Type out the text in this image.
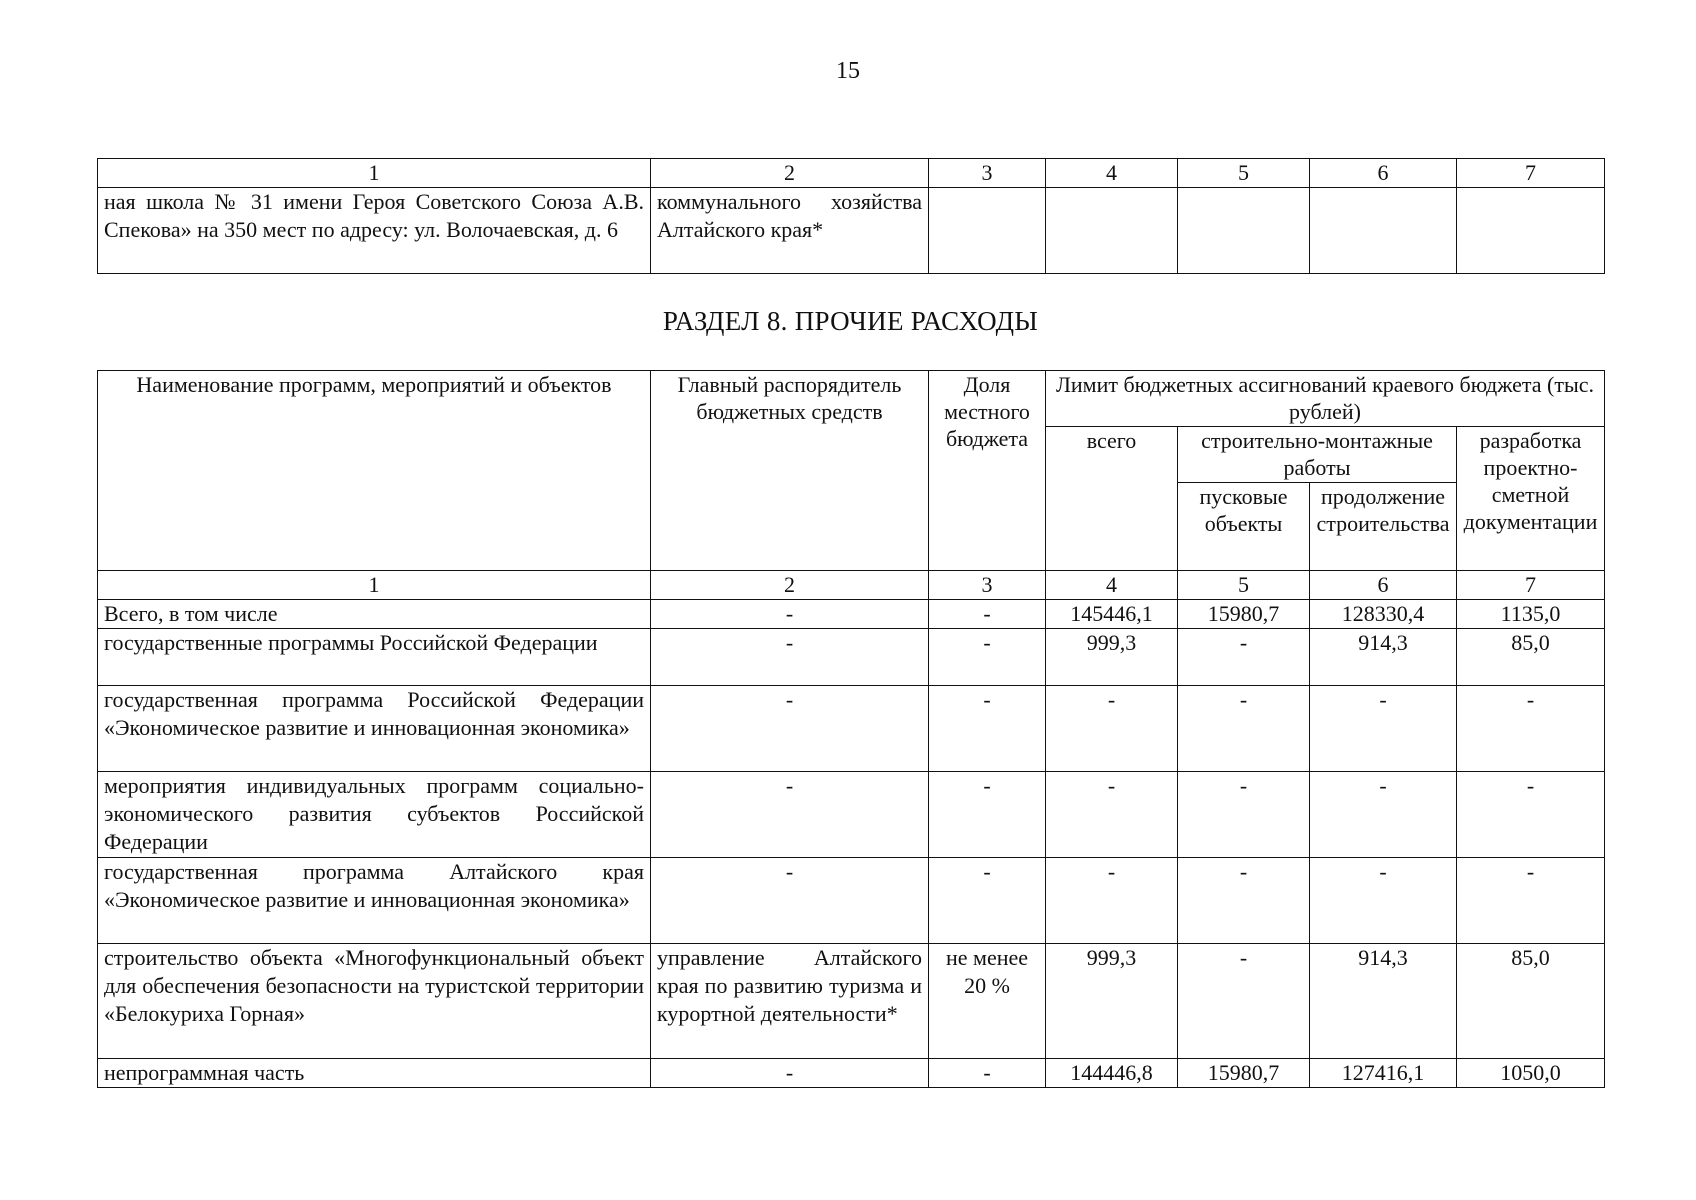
15
1	2	3	4	5	6	7
ная школа № 31 имени Героя Советского Союза А.В. Спекова» на 350 мест по адресу: ул. Волочаевская, д. 6	коммунального хозяйства Алтайского края*					
РАЗДЕЛ 8. ПРОЧИЕ РАСХОДЫ
Наименование программ, мероприятий и объектов	Главный распорядитель бюджетных средств	Доля местного бюджета	Лимит бюджетных ассигнований краевого бюджета (тыс. рублей)			
			всего	строительно-монтажные работы		разработка проектно-сметной документации
				пусковые объекты	продолжение строительства	
1	2	3	4	5	6	7
Всего, в том числе	-	-	145446,1	15980,7	128330,4	1135,0
государственные программы Российской Федерации	-	-	999,3	-	914,3	85,0
государственная программа Российской Федерации «Экономическое развитие и инновационная экономика»	-	-	-	-	-	-
мероприятия индивидуальных программ социально-экономического развития субъектов Российской Федерации	-	-	-	-	-	-
государственная программа Алтайского края «Экономическое развитие и инновационная экономика»	-	-	-	-	-	-
строительство объекта «Многофункциональный объект для обеспечения безопасности на туристской территории «Белокуриха Горная»	управление Алтайского края по развитию туризма и курортной деятельности*	не менее 20 %	999,3	-	914,3	85,0
непрограммная часть	-	-	144446,8	15980,7	127416,1	1050,0
